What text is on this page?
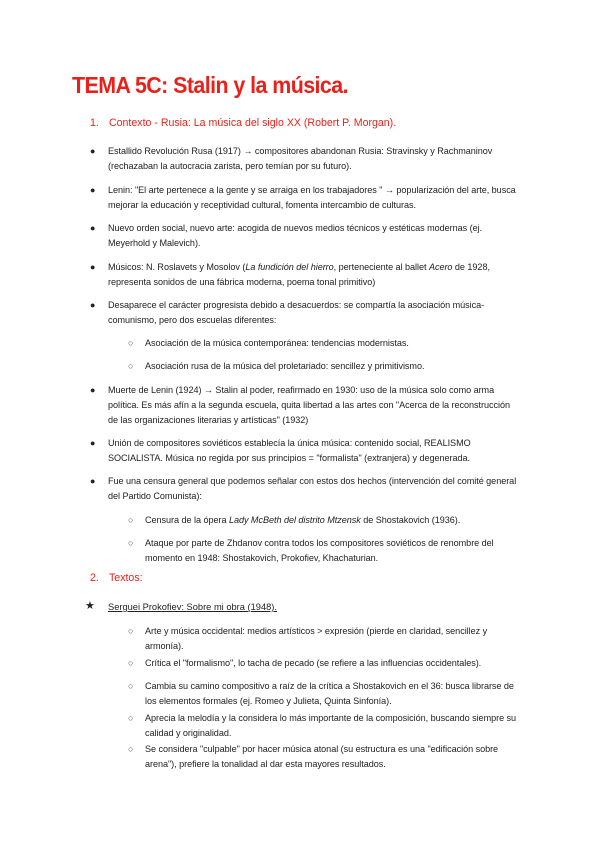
TEMA 5C: Stalin y la música.
1. Contexto - Rusia: La música del siglo XX (Robert P. Morgan).
● Estallido Revolución Rusa (1917) → compositores abandonan Rusia: Stravinsky y Rachmaninov (rechazaban la autocracia zarista, pero temían por su futuro).
● Lenin: "El arte pertenece a la gente y se arraiga en los trabajadores " → popularización del arte, busca mejorar la educación y receptividad cultural, fomenta intercambio de culturas.
● Nuevo orden social, nuevo arte: acogida de nuevos medios técnicos y estéticas modernas (ej. Meyerhold y Malevich).
● Músicos: N. Roslavets y Mosolov (La fundición del hierro, perteneciente al ballet Acero de 1928, representa sonidos de una fábrica moderna, poema tonal primitivo)
● Desaparece el carácter progresista debido a desacuerdos: se compartía la asociación música-comunismo, pero dos escuelas diferentes:
○ Asociación de la música contemporánea: tendencias modernistas.
○ Asociación rusa de la música del proletariado: sencillez y primitivismo.
● Muerte de Lenin (1924) → Stalin al poder, reafirmado en 1930: uso de la música solo como arma política. Es más afín a la segunda escuela, quita libertad a las artes con "Acerca de la reconstrucción de las organizaciones literarias y artísticas" (1932)
● Unión de compositores soviéticos establecía la única música: contenido social, REALISMO SOCIALISTA. Música no regida por sus principios = "formalista" (extranjera) y degenerada.
● Fue una censura general que podemos señalar con estos dos hechos (intervención del comité general del Partido Comunista):
○ Censura de la ópera Lady McBeth del distrito Mtzensk de Shostakovich (1936).
○ Ataque por parte de Zhdanov contra todos los compositores soviéticos de renombre del momento en 1948: Shostakovich, Prokofiev, Khachaturian.
2. Textos:
★ Serguei Prokofiev: Sobre mi obra (1948).
○ Arte y música occidental: medios artísticos > expresión (pierde en claridad, sencillez y armonía).
○ Crítica el "formalismo", lo tacha de pecado (se refiere a las influencias occidentales).
○ Cambia su camino compositivo a raíz de la crítica a Shostakovich en el 36: busca librarse de los elementos formales (ej. Romeo y Julieta, Quinta Sinfonía).
○ Aprecia la melodía y la considera lo más importante de la composición, buscando siempre su calidad y originalidad.
○ Se considera "culpable" por hacer música atonal (su estructura es una "edificación sobre arena"), prefiere la tonalidad al dar esta mayores resultados.
